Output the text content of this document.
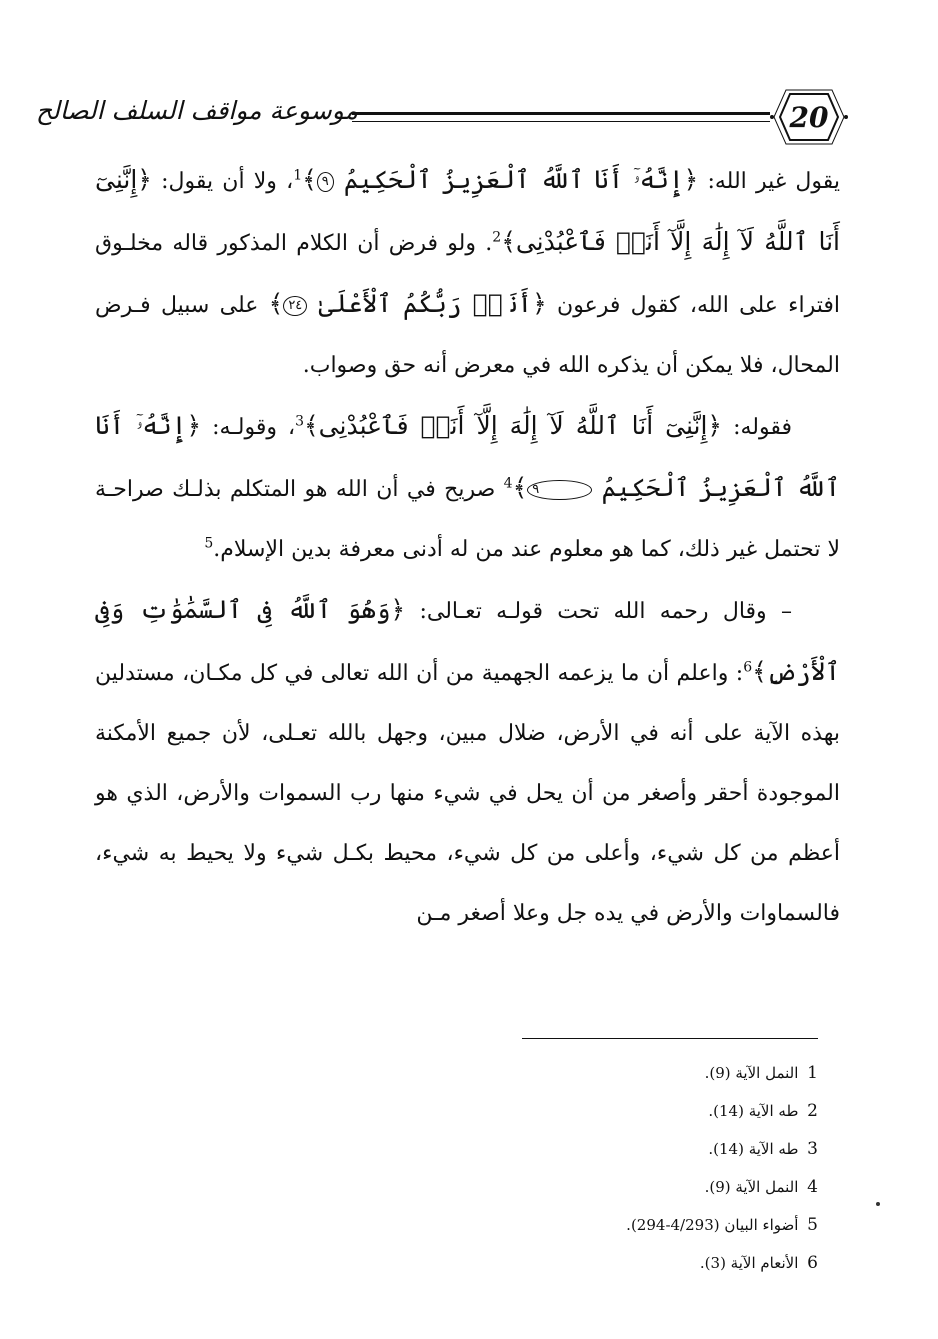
موسوعة مواقف السلف الصالح	20

يقول غير الله: ﴿إِنَّهُۥٓ أَنَا ٱللَّهُ ٱلْعَزِيزُ ٱلْحَكِيمُ ٩﴾$^1$، ولا أن يقول: ﴿إِنَّنِىٓ أَنَا ٱللَّهُ لَآ إِلَٰهَ إِلَّآ أَنَا۠ فَٱعْبُدْنِى﴾$^2$. ولو فرض أن الكلام المذكور قاله مخلـوق افتراء على الله، كقول فرعون ﴿أَنَا۠ رَبُّكُمُ ٱلْأَعْلَىٰ ٢٤﴾ على سبيل فـرض المحال، فلا يمكن أن يذكره الله في معرض أنه حق وصواب.

فقوله: ﴿إِنَّنِىٓ أَنَا ٱللَّهُ لَآ إِلَٰهَ إِلَّآ أَنَا۠ فَٱعْبُدْنِى﴾$^3$، وقولـه: ﴿إِنَّهُۥٓ أَنَا ٱللَّهُ ٱلْعَزِيزُ ٱلْحَكِيمُ ٩﴾$^4$ صريح في أن الله هو المتكلم بذلـك صراحـة لا تحتمل غير ذلك، كما هو معلوم عند من له أدنى معرفة بدين الإسلام.$^5$

– وقال رحمه الله تحت قولـه تعـالى: ﴿وَهُوَ ٱللَّهُ فِى ٱلسَّمَٰوَٰتِ وَفِى ٱلْأَرْضِ﴾$^6$: واعلم أن ما يزعمه الجهمية من أن الله تعالى في كل مكـان، مستدلين بهذه الآية على أنه في الأرض، ضلال مبين، وجهل بالله تعـلى، لأن جميع الأمكنة الموجودة أحقر وأصغر من أن يحل في شيء منها رب السموات والأرض، الذي هو أعظم من كل شيء، وأعلى من كل شيء، محيط بكـل شيء ولا يحيط به شيء، فالسماوات والأرض في يده جل وعلا أصغر مـن

1 النمل الآية (9).
2 طه الآية (14).
3 طه الآية (14).
4 النمل الآية (9).
5 أضواء البيان (4/293-294).
6 الأنعام الآية (3).
